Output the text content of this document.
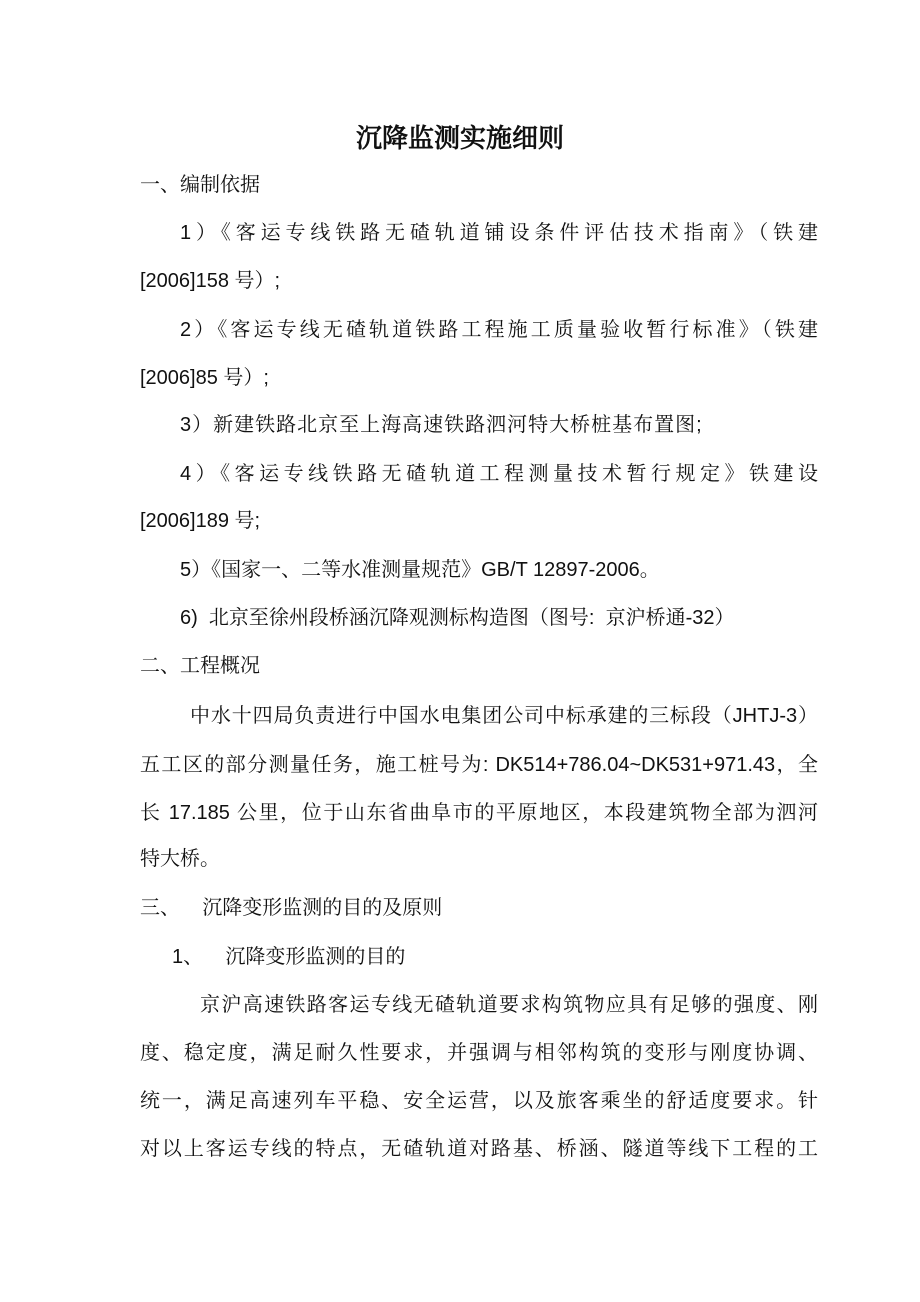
沉降监测实施细则
一、编制依据
1）《客运专线铁路无碴轨道铺设条件评估技术指南》（铁建
[2006]158 号）;
2）《客运专线无碴轨道铁路工程施工质量验收暂行标准》（铁建
[2006]85 号）;
3）新建铁路北京至上海高速铁路泗河特大桥桩基布置图;
4）《客运专线铁路无碴轨道工程测量技术暂行规定》铁建设
[2006]189 号;
5）《国家一、二等水准测量规范》GB/T 12897-2006。
6)  北京至徐州段桥涵沉降观测标构造图（图号:  京沪桥通-32）
二、工程概况
中水十四局负责进行中国水电集团公司中标承建的三标段（JHTJ-3）
五工区的部分测量任务，施工桩号为: DK514+786.04~DK531+971.43，全
长 17.185 公里，位于山东省曲阜市的平原地区，本段建筑物全部为泗河
特大桥。
三、    沉降变形监测的目的及原则
1、    沉降变形监测的目的
京沪高速铁路客运专线无碴轨道要求构筑物应具有足够的强度、刚
度、稳定度，满足耐久性要求，并强调与相邻构筑的变形与刚度协调、
统一，满足高速列车平稳、安全运营，以及旅客乘坐的舒适度要求。针
对以上客运专线的特点，无碴轨道对路基、桥涵、隧道等线下工程的工
